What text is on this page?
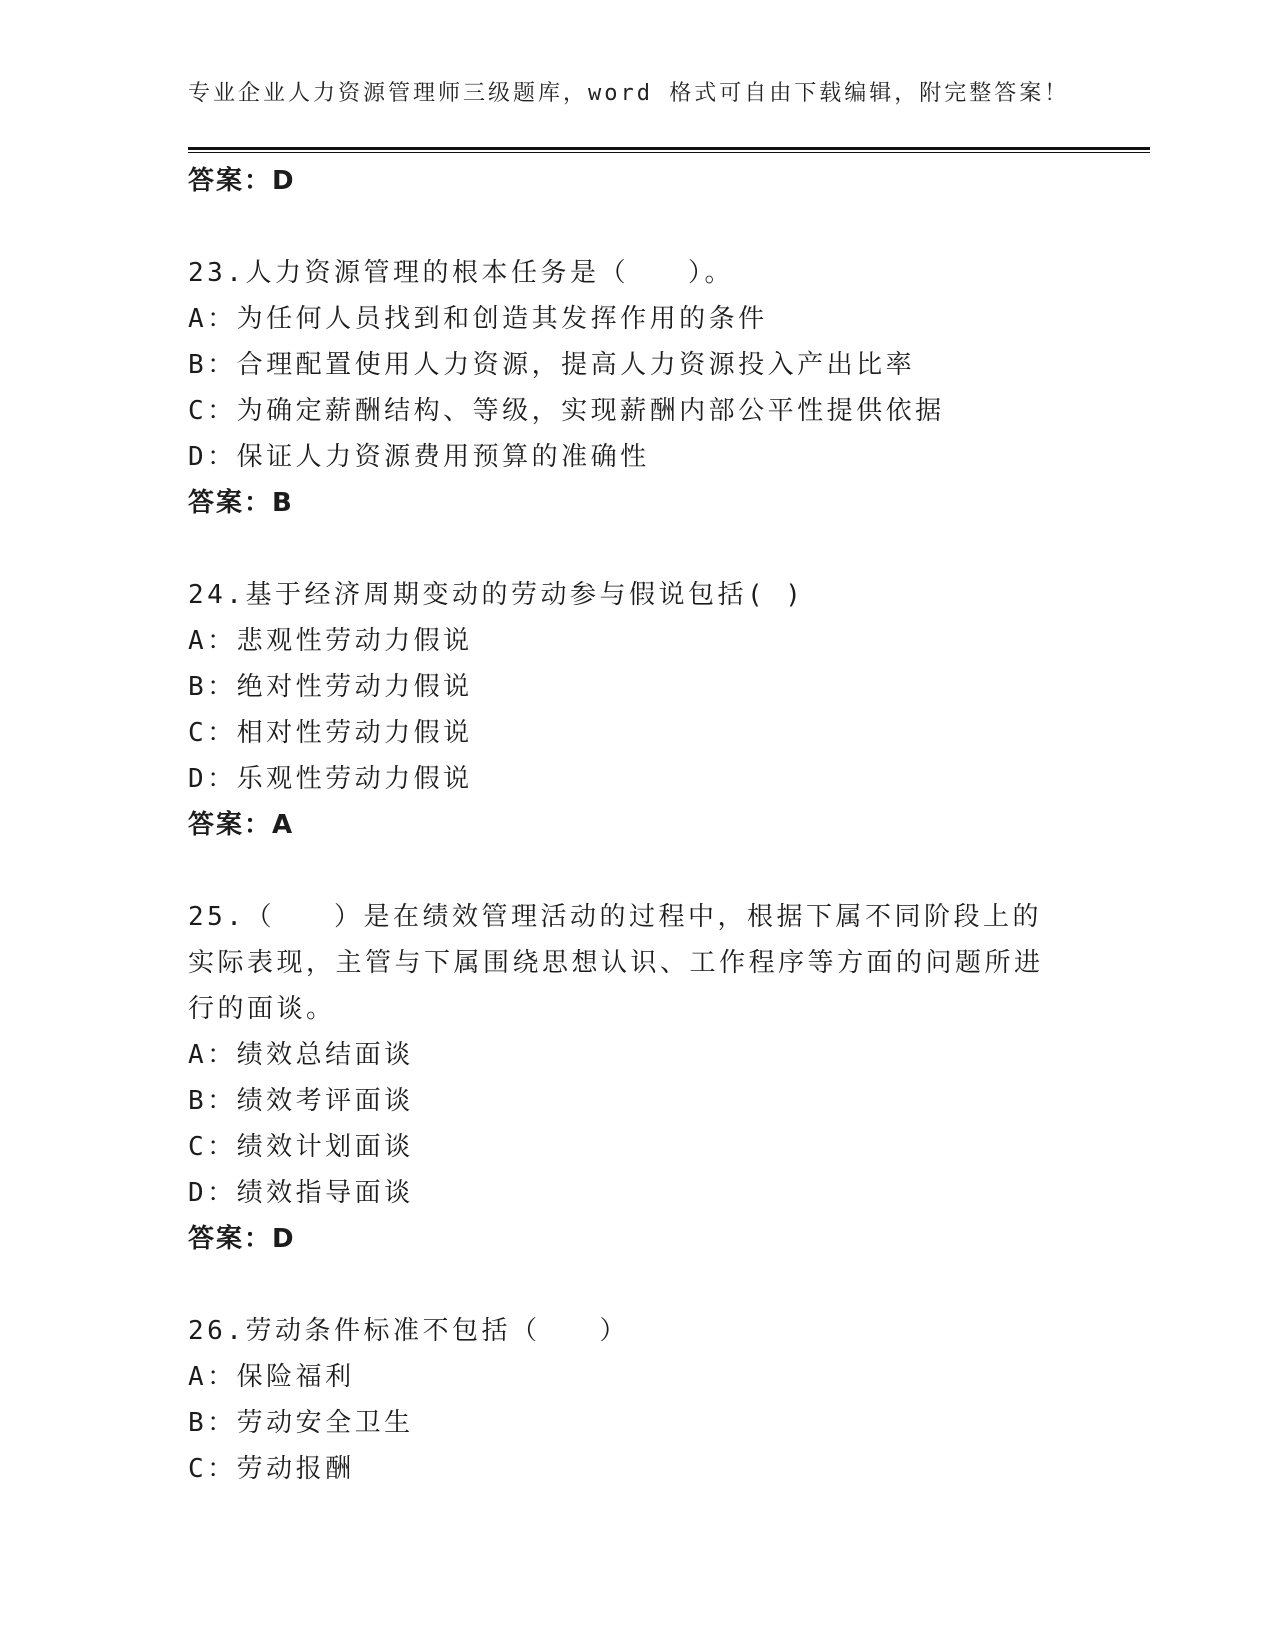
专业企业人力资源管理师三级题库，word 格式可自由下载编辑，附完整答案！
答案：D
23.人力资源管理的根本任务是（　　）。
A：为任何人员找到和创造其发挥作用的条件
B：合理配置使用人力资源，提高人力资源投入产出比率
C：为确定薪酬结构、等级，实现薪酬内部公平性提供依据
D：保证人力资源费用预算的准确性
答案：B
24.基于经济周期变动的劳动参与假说包括( )
A：悲观性劳动力假说
B：绝对性劳动力假说
C：相对性劳动力假说
D：乐观性劳动力假说
答案：A
25.（　　）是在绩效管理活动的过程中，根据下属不同阶段上的实际表现，主管与下属围绕思想认识、工作程序等方面的问题所进行的面谈。
A：绩效总结面谈
B：绩效考评面谈
C：绩效计划面谈
D：绩效指导面谈
答案：D
26.劳动条件标准不包括（　　）
A：保险福利
B：劳动安全卫生
C：劳动报酬
